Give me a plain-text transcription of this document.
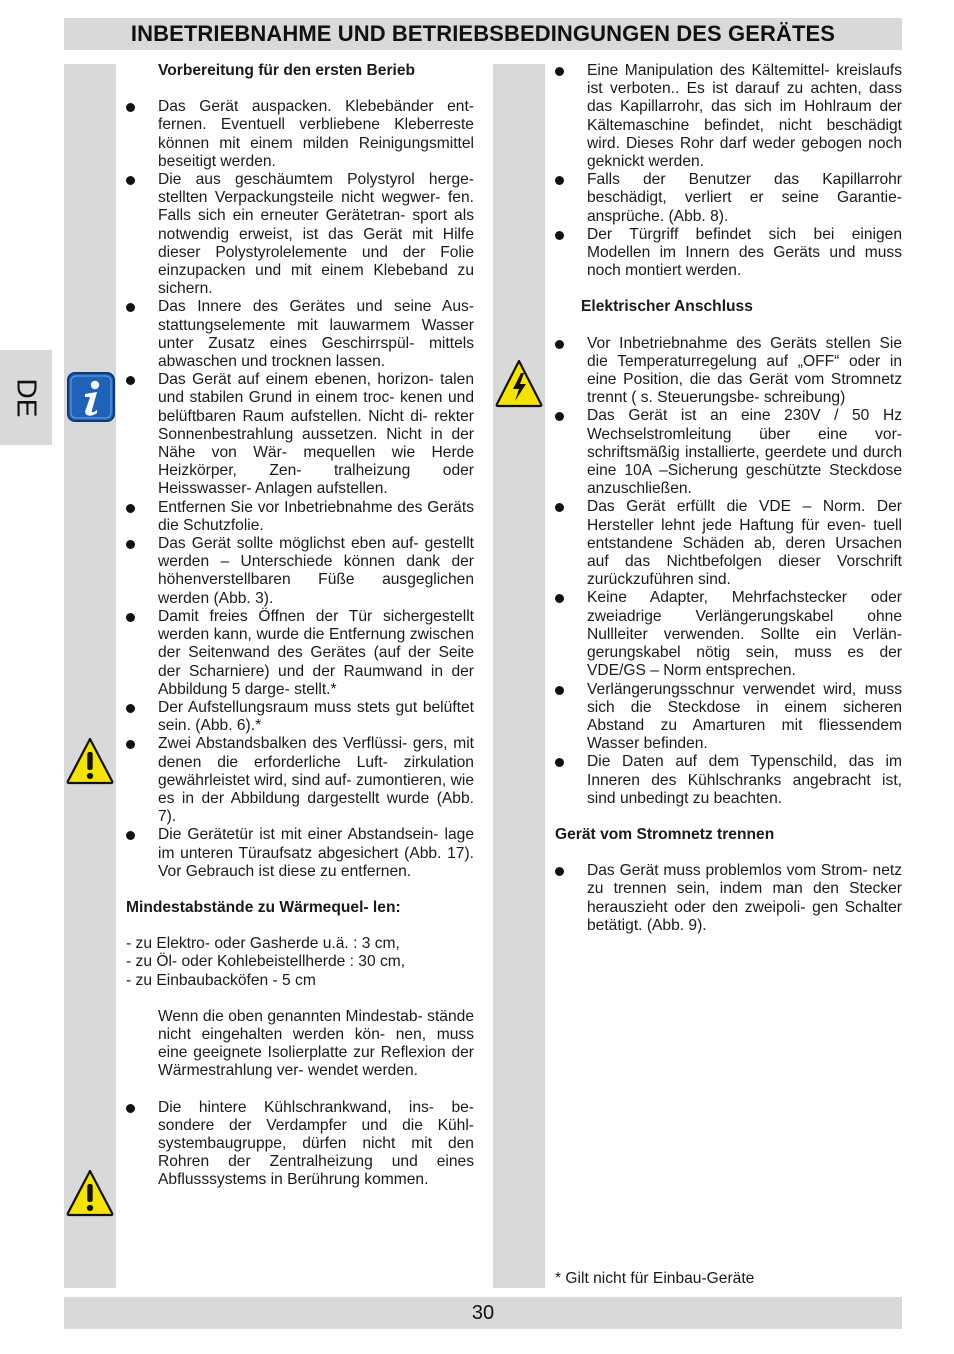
INBETRIEBNAHME UND BETRIEBSBEDINGUNGEN DES GERÄTES
DE
Vorbereitung für den ersten Berieb
Das Gerät auspacken. Klebebänder ent- fernen. Eventuell verbliebene Kleberreste können mit einem milden Reinigungsmittel beseitigt werden.
Die aus geschäumtem Polystyrol herge- stellten Verpackungsteile nicht wegwer- fen. Falls sich ein erneuter Gerätetran- sport als notwendig erweist, ist das Gerät mit Hilfe dieser Polystyrolelemente und der Folie einzupacken und mit einem Klebeband zu sichern.
Das Innere des Gerätes und seine Aus- stattungselemente mit lauwarmem Wasser unter Zusatz eines Geschirrspül- mittels abwaschen und trocknen lassen.
Das Gerät auf einem ebenen, horizon- talen und stabilen Grund in einem troc- kenen und belüftbaren Raum aufstellen. Nicht di- rekter Sonnenbestrahlung aussetzen. Nicht in der Nähe von Wär- mequellen wie Herde Heizkörper, Zen- tralheizung oder Heisswasser- Anlagen aufstellen.
Entfernen Sie vor Inbetriebnahme des Geräts die Schutzfolie.
Das Gerät sollte möglichst eben auf- gestellt werden – Unterschiede können dank der höhenverstellbaren Füße ausgeglichen werden (Abb. 3).
Damit freies Öffnen der Tür sichergestellt werden kann, wurde die Entfernung zwischen der Seitenwand des Gerätes (auf der Seite der Scharniere) und der Raumwand in der Abbildung 5 darge- stellt.*
Der Aufstellungsraum muss stets gut belüftet sein. (Abb. 6).*
Zwei Abstandsbalken des Verflüssi- gers, mit denen die erforderliche Luft- zirkulation gewährleistet wird, sind auf- zumontieren, wie es in der Abbildung dargestellt wurde (Abb. 7).
Die Gerätetür ist mit einer Abstandsein- lage im unteren Türaufsatz abgesichert (Abb. 17). Vor Gebrauch ist diese zu entfernen.
Mindestabstände zu Wärmequel- len:

- zu Elektro- oder Gasherde u.ä. : 3 cm,

- zu Öl- oder Kohlebeistellherde : 30 cm,

- zu Einbaubacköfen - 5 cm

Wenn die oben genannten Mindestab- stände nicht eingehalten werden kön- nen, muss eine geeignete Isolierplatte zur Reflexion der Wärmestrahlung ver- wendet werden.

Die hintere Kühlschrankwand, ins- be- sondere der Verdampfer und die Kühl- systembaugruppe, dürfen nicht mit den Rohren der Zentralheizung und eines Abflusssystems in Berührung kommen.
Eine Manipulation des Kältemittel- kreislaufs ist verboten.. Es ist darauf zu achten, dass das Kapillarrohr, das sich im Hohlraum der Kältemaschine befindet, nicht beschädigt wird. Dieses Rohr darf weder gebogen noch geknickt werden.
Falls der Benutzer das Kapillarrohr beschädigt, verliert er seine Garantie- ansprüche. (Abb. 8).
Der Türgriff befindet sich bei einigen Modellen im Innern des Geräts und muss noch montiert werden.
Elektrischer Anschluss
Vor Inbetriebnahme des Geräts stellen Sie die Temperaturregelung auf „OFF“ oder in eine Position, die das Gerät vom Stromnetz trennt ( s. Steuerungsbe- schreibung)
Das Gerät ist an eine 230V / 50 Hz Wechselstromleitung über eine vor- schriftsmäßig installierte, geerdete und durch eine 10A –Sicherung geschützte Steckdose anzuschließen.
Das Gerät erfüllt die VDE – Norm. Der Hersteller lehnt jede Haftung für even- tuell entstandene Schäden ab, deren Ursachen auf das Nichtbefolgen dieser Vorschrift zurückzuführen sind.
Keine Adapter, Mehrfachstecker oder zweiadrige Verlängerungskabel ohne Nullleiter verwenden. Sollte ein Verlän- gerungskabel nötig sein, muss es der VDE/GS – Norm entsprechen.
Verlängerungsschnur verwendet wird, muss sich die Steckdose in einem sicheren Abstand zu Amarturen mit fliessendem Wasser befinden.
Die Daten auf dem Typenschild, das im Inneren des Kühlschranks angebracht ist, sind unbedingt zu beachten.
Gerät vom Stromnetz trennen
Das Gerät muss problemlos vom Strom- netz zu trennen sein, indem man den Stecker herauszieht oder den zweipoli- gen Schalter betätigt. (Abb. 9).
* Gilt nicht für Einbau-Geräte
30
